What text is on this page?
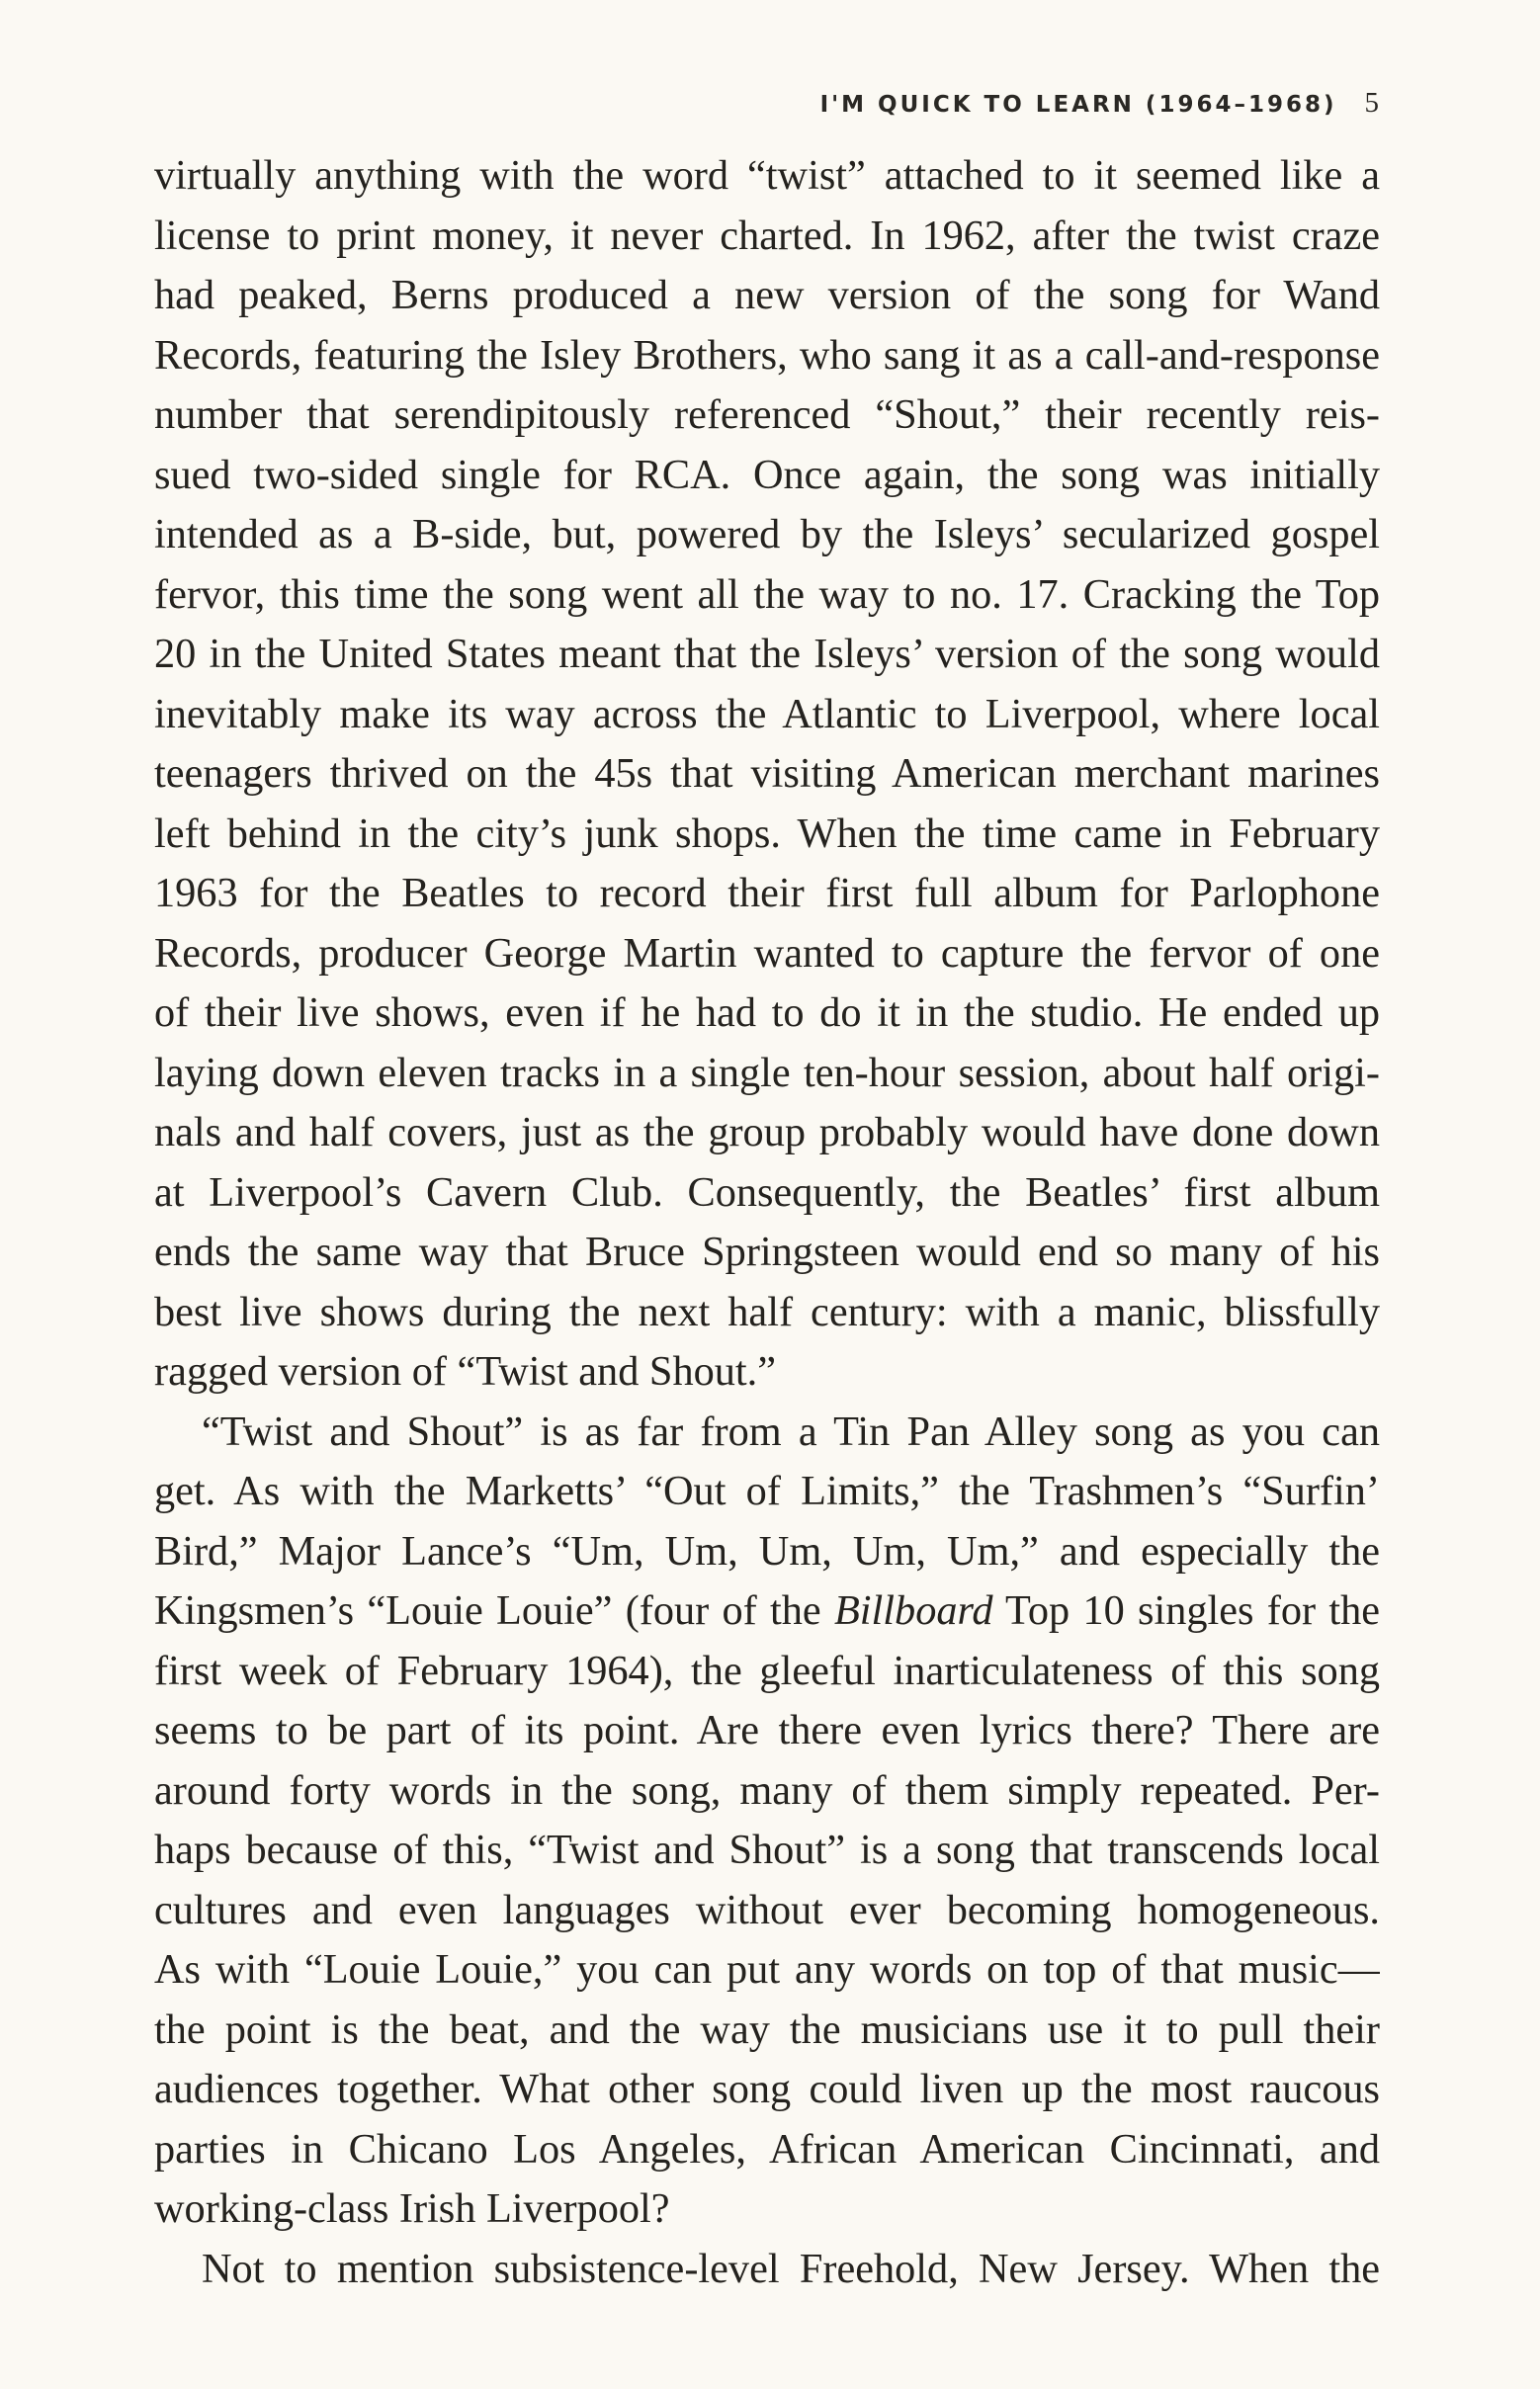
I'M QUICK TO LEARN (1964–1968) 5
virtually anything with the word “twist” attached to it seemed like a
license to print money, it never charted. In 1962, after the twist craze
had peaked, Berns produced a new version of the song for Wand
Records, featuring the Isley Brothers, who sang it as a call-and-response
number that serendipitously referenced “Shout,” their recently reis-
sued two-sided single for RCA. Once again, the song was initially
intended as a B-side, but, powered by the Isleys’ secularized gospel
fervor, this time the song went all the way to no. 17. Cracking the Top
20 in the United States meant that the Isleys’ version of the song would
inevitably make its way across the Atlantic to Liverpool, where local
teenagers thrived on the 45s that visiting American merchant marines
left behind in the city’s junk shops. When the time came in February
1963 for the Beatles to record their first full album for Parlophone
Records, producer George Martin wanted to capture the fervor of one
of their live shows, even if he had to do it in the studio. He ended up
laying down eleven tracks in a single ten-hour session, about half origi-
nals and half covers, just as the group probably would have done down
at Liverpool’s Cavern Club. Consequently, the Beatles’ first album
ends the same way that Bruce Springsteen would end so many of his
best live shows during the next half century: with a manic, blissfully
ragged version of “Twist and Shout.”
“Twist and Shout” is as far from a Tin Pan Alley song as you can
get. As with the Marketts’ “Out of Limits,” the Trashmen’s “Surfin’
Bird,” Major Lance’s “Um, Um, Um, Um, Um,” and especially the
Kingsmen’s “Louie Louie” (four of the Billboard Top 10 singles for the
first week of February 1964), the gleeful inarticulateness of this song
seems to be part of its point. Are there even lyrics there? There are
around forty words in the song, many of them simply repeated. Per-
haps because of this, “Twist and Shout” is a song that transcends local
cultures and even languages without ever becoming homogeneous.
As with “Louie Louie,” you can put any words on top of that music—
the point is the beat, and the way the musicians use it to pull their
audiences together. What other song could liven up the most raucous
parties in Chicano Los Angeles, African American Cincinnati, and
working-class Irish Liverpool?
Not to mention subsistence-level Freehold, New Jersey. When the
